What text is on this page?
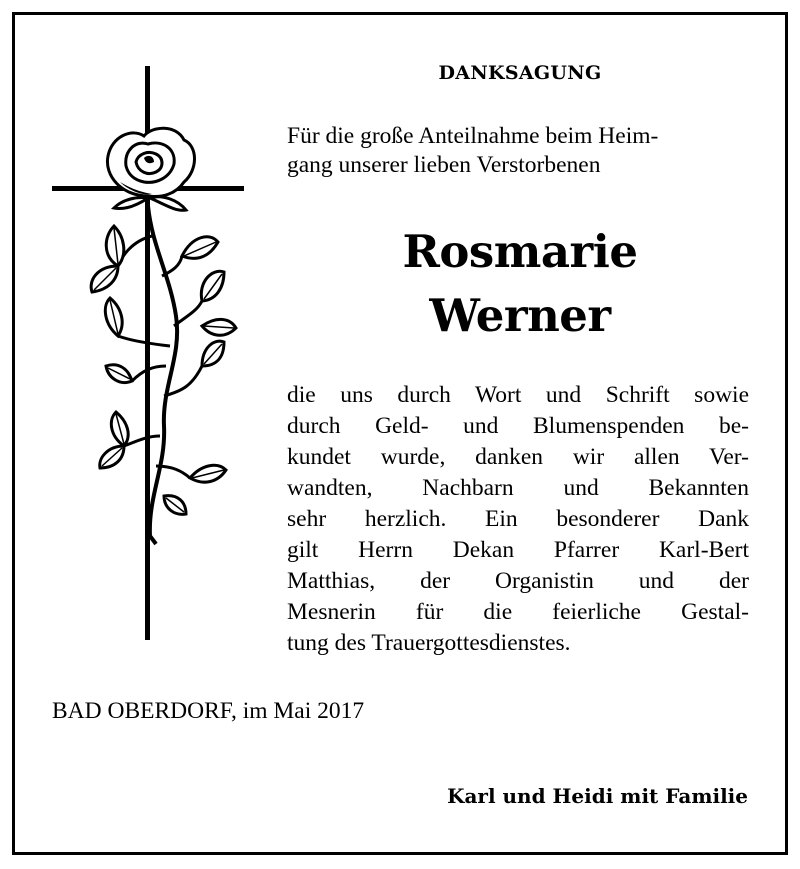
DANKSAGUNG
Für die große Anteilnahme beim Heim-
gang unserer lieben Verstorbenen
Rosmarie
Werner
die uns durch Wort und Schrift sowie
durch Geld- und Blumenspenden be-
kundet wurde, danken wir allen Ver-
wandten, Nachbarn und Bekannten
sehr herzlich. Ein besonderer Dank
gilt Herrn Dekan Pfarrer Karl-Bert
Matthias, der Organistin und der
Mesnerin für die feierliche Gestal-
tung des Trauergottesdienstes.
BAD OBERDORF, im Mai 2017
Karl und Heidi mit Familie
